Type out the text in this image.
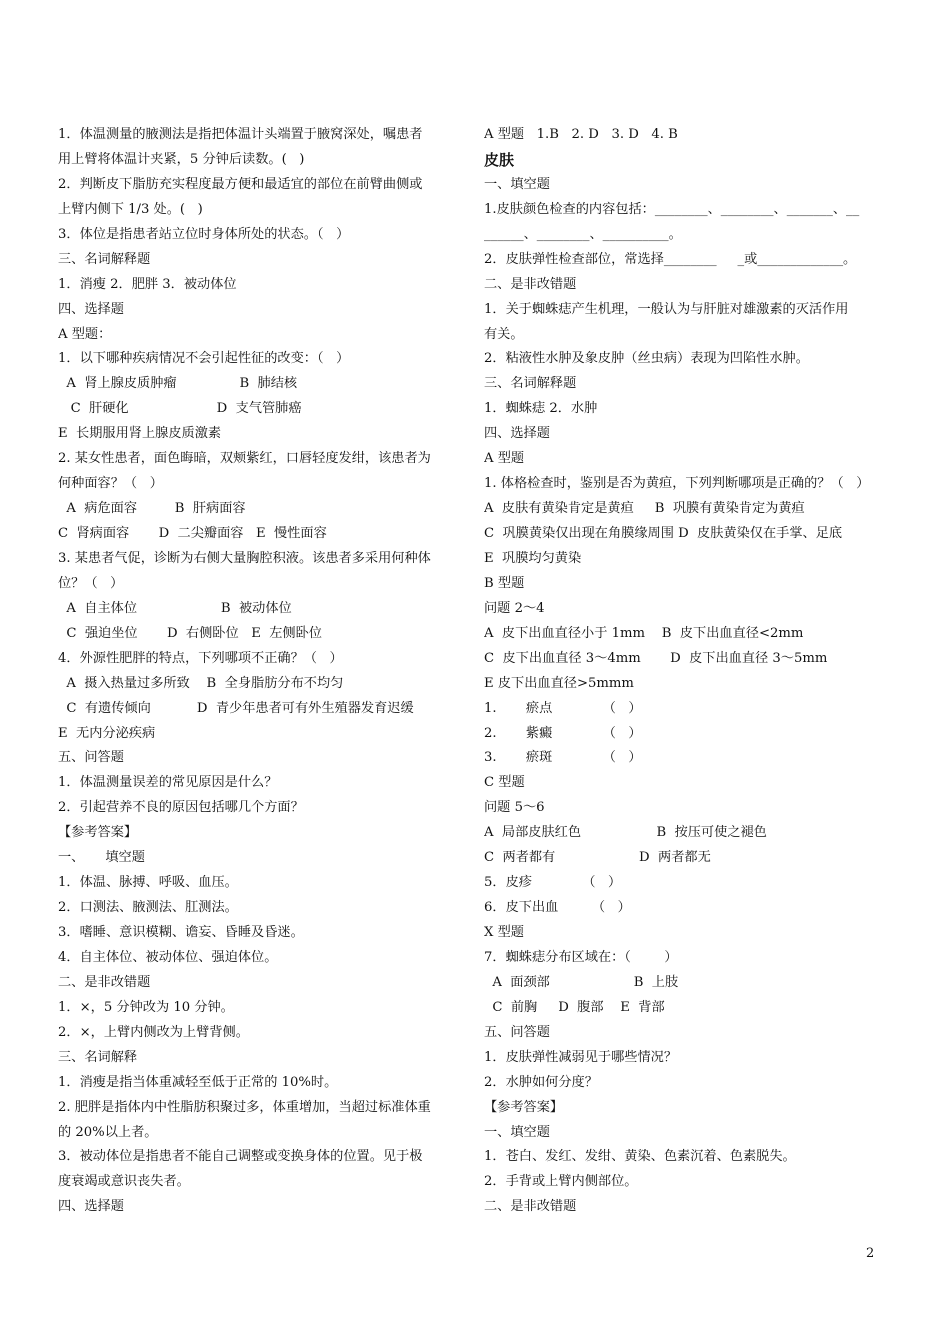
1．体温测量的腋测法是指把体温计头端置于腋窝深处，嘱患者
用上臂将体温计夹紧，5 分钟后读数。(   )
2．判断皮下脂肪充实程度最方便和最适宜的部位在前臂曲侧或
上臂内侧下 1/3 处。(   )
3．体位是指患者站立位时身体所处的状态。（   ）
三、名词解释题
1．消瘦 2．肥胖 3．被动体位
四、选择题
A 型题：
1．以下哪种疾病情况不会引起性征的改变：（   ）
A  肾上腺皮质肿瘤               B  肺结核
C  肝硬化                     D  支气管肺癌
E  长期服用肾上腺皮质激素
2. 某女性患者，面色晦暗，双颊紫红，口唇轻度发绀，该患者为
何种面容？（   ）
A  病危面容         B  肝病面容
C  肾病面容       D  二尖瓣面容   E  慢性面容
3. 某患者气促，诊断为右侧大量胸腔积液。该患者多采用何种体
位？（   ）
A  自主体位                    B  被动体位
C  强迫坐位       D  右侧卧位   E  左侧卧位
4．外源性肥胖的特点，下列哪项不正确？（   ）
A  摄入热量过多所致    B  全身脂肪分布不均匀
C  有遗传倾向           D  青少年患者可有外生殖器发育迟缓
E  无内分泌疾病
五、问答题
1．体温测量误差的常见原因是什么？
2．引起营养不良的原因包括哪几个方面？
【参考答案】
一、     填空题
1．体温、脉搏、呼吸、血压。
2．口测法、腋测法、肛测法。
3．嗜睡、意识模糊、谵妄、昏睡及昏迷。
4．自主体位、被动体位、强迫体位。
二、是非改错题
1．×，5 分钟改为 10 分钟。
2．×，上臂内侧改为上臂背侧。
三、名词解释
1．消瘦是指当体重减轻至低于正常的 10%时。
2. 肥胖是指体内中性脂肪积聚过多，体重增加，当超过标准体重
的 20%以上者。
3．被动体位是指患者不能自己调整或变换身体的位置。见于极
度衰竭或意识丧失者。
四、选择题
A 型题   1.B   2. D   3. D   4. B
皮肤
一、填空题
1.皮肤颜色检查的内容包括：________、________、_______、__
______、________、__________。
2．皮肤弹性检查部位，常选择________     _或_____________。
二、是非改错题
1．关于蜘蛛痣产生机理，一般认为与肝脏对雄激素的灭活作用
有关。
2．粘液性水肿及象皮肿（丝虫病）表现为凹陷性水肿。
三、名词解释题
1．蜘蛛痣 2．水肿
四、选择题
A 型题
1. 体格检查时，鉴别是否为黄疸，下列判断哪项是正确的？（   ）
A  皮肤有黄染肯定是黄疸     B  巩膜有黄染肯定为黄疸
C  巩膜黄染仅出现在角膜缘周围 D  皮肤黄染仅在手掌、足底
E  巩膜均匀黄染
B 型题
问题 2～4
A  皮下出血直径小于 1mm    B  皮下出血直径<2mm
C  皮下出血直径 3～4mm       D  皮下出血直径 3～5mm
E 皮下出血直径>5mmm
1.       瘀点            （   ）
2.       紫癜            （   ）
3.       瘀斑            （   ）
C 型题
问题 5～6
A  局部皮肤红色                  B  按压可使之褪色
C  两者都有                    D  两者都无
5．皮疹            （   ）
6．皮下出血        （   ）
X 型题
7．蜘蛛痣分布区域在：（        ）
A  面颈部                    B  上肢
C  前胸     D  腹部    E  背部
五、问答题
1．皮肤弹性减弱见于哪些情况？
2．水肿如何分度？
【参考答案】
一、填空题
1．苍白、发红、发绀、黄染、色素沉着、色素脱失。
2．手背或上臂内侧部位。
二、是非改错题
2
